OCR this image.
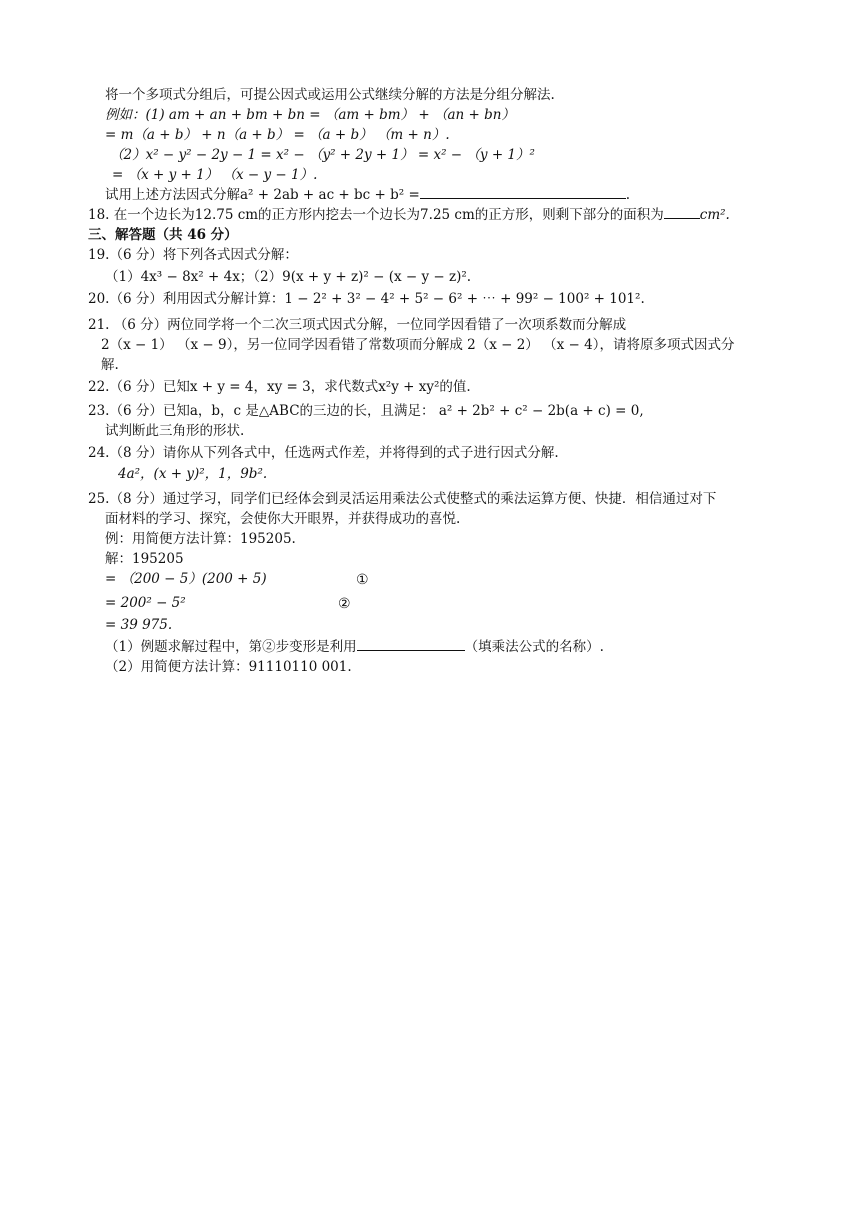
将一个多项式分组后，可提公因式或运用公式继续分解的方法是分组分解法.
例如：(1) am + an + bm + bn = （am + bm） + （an + bn）
= m（a + b） + n（a + b） = （a + b） （m + n）.
（2）x² − y² − 2y − 1 = x² − （y² + 2y + 1） = x² − （y + 1）²
= （x + y + 1） （x − y − 1）.
试用上述方法因式分解a² + 2ab + ac + bc + b² =	.
18. 在一个边长为12.75 cm的正方形内挖去一个边长为7.25 cm的正方形，则剩下部分的面积为	cm².
三、解答题（共 46 分）
19.（6 分）将下列各式因式分解：
（1）4x³ − 8x² + 4x；（2）9(x + y + z)² − (x − y − z)².
20.（6 分）利用因式分解计算：1 − 2² + 3² − 4² + 5² − 6² + ⋯ + 99² − 100² + 101².
21. （6 分）两位同学将一个二次三项式因式分解，一位同学因看错了一次项系数而分解成
2（x − 1） （x − 9），另一位同学因看错了常数项而分解成 2（x − 2） （x − 4），请将原多项式因式分
解.
22.（6 分）已知x + y = 4，xy = 3，求代数式x²y + xy²的值.
23.（6 分）已知a，b，c 是△ABC的三边的长，且满足： a² + 2b² + c² − 2b(a + c) = 0,
试判断此三角形的形状.
24.（8 分）请你从下列各式中，任选两式作差，并将得到的式子进行因式分解.
4a²，(x + y)²，1，9b².
25.（8 分）通过学习，同学们已经体会到灵活运用乘法公式使整式的乘法运算方便、快捷．相信通过对下
面材料的学习、探究，会使你大开眼界，并获得成功的喜悦.
例：用简便方法计算：195205.
解：195205
= （200 − 5）(200 + 5)	①
= 200² − 5²	②
= 39 975.
（1）例题求解过程中，第②步变形是利用	（填乘法公式的名称）.
（2）用简便方法计算：91110110 001.
